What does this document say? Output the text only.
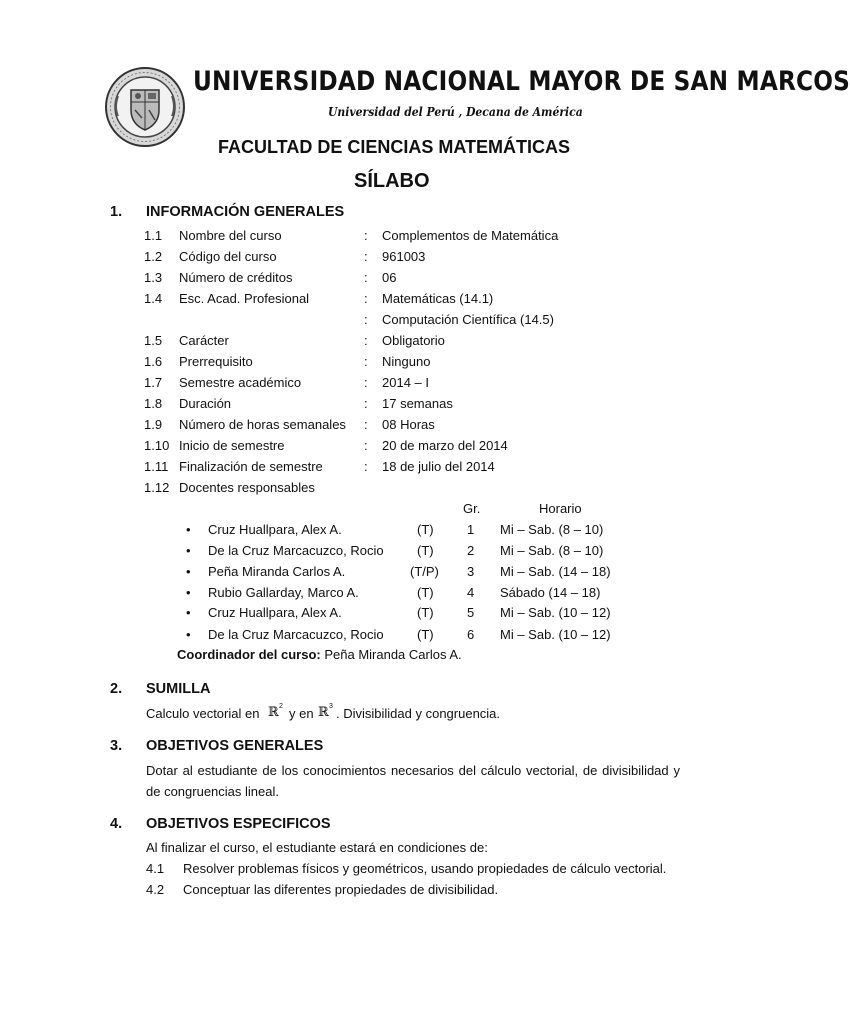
UNIVERSIDAD NACIONAL MAYOR DE SAN MARCOS
Universidad del Perú , Decana de América
FACULTAD DE CIENCIAS MATEMÁTICAS
SÍLABO
1. INFORMACIÓN GENERALES
1.1 Nombre del curso	: Complementos de Matemática
1.2 Código del curso	: 961003
1.3 Número de créditos	: 06
1.4 Esc. Acad. Profesional	: Matemáticas (14.1)
: Computación Científica (14.5)
1.5 Carácter	: Obligatorio
1.6 Prerrequisito	: Ninguno
1.7 Semestre académico	: 2014 – I
1.8 Duración	: 17 semanas
1.9 Número de horas semanales : 08 Horas
1.10 Inicio de semestre	: 20 de marzo del 2014
1.11 Finalización de semestre	: 18 de julio del 2014
1.12 Docentes responsables
Gr.	Horario
• Cruz Huallpara, Alex A.	(T)	1 Mi – Sab. (8 – 10)
• De la Cruz Marcacuzco, Rocio	(T)	2 Mi – Sab. (8 – 10)
• Peña Miranda Carlos A.	(T/P) 3 Mi – Sab. (14 – 18)
• Rubio Gallarday, Marco A.	(T)	4 Sábado (14 – 18)
• Cruz Huallpara, Alex A.	(T)	5 Mi – Sab. (10 – 12)
• De la Cruz Marcacuzco, Rocio	(T)	6 Mi – Sab. (10 – 12)
Coordinador del curso: Peña Miranda Carlos A.
2. SUMILLA
Calculo vectorial en ℝ 2 y en ℝ 3 . Divisibilidad y congruencia.
3. OBJETIVOS GENERALES
Dotar al estudiante de los conocimientos necesarios del cálculo vectorial, de divisibilidad y
de congruencias lineal.
4. OBJETIVOS ESPECIFICOS
Al finalizar el curso, el estudiante estará en condiciones de:
4.1 Resolver problemas físicos y geométricos, usando propiedades de cálculo vectorial.
4.2 Conceptuar las diferentes propiedades de divisibilidad.
